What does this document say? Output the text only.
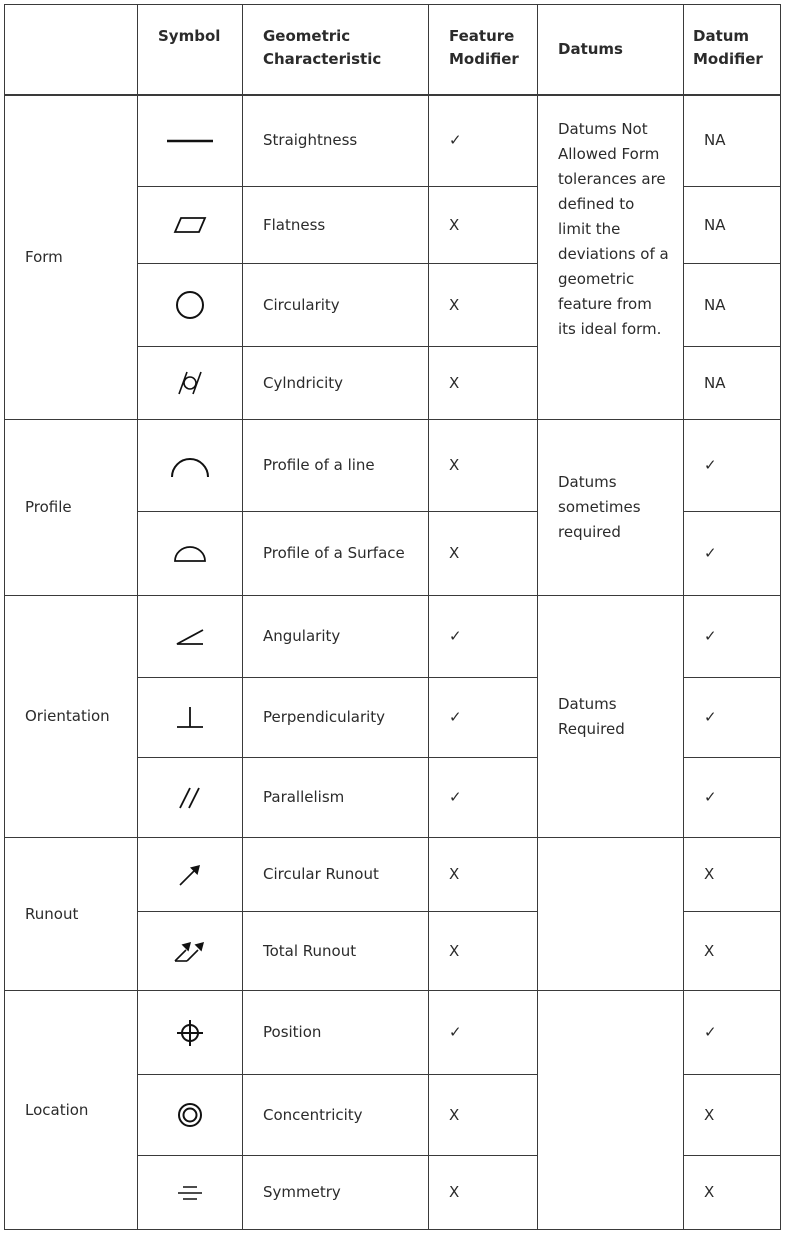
	Symbol	Geometric Characteristic	Feature Modifier	Datums	Datum Modifier
Form		Straightness	✓	Datums Not Allowed Form tolerances are defined to limit the deviations of a geometric feature from its ideal form.	NA

	Flatness	X		NA

	Circularity	X		NA

	Cylndricity	X		NA
Profile		Profile of a line	X	Datums sometimes required	✓

	Profile of a Surface	X		✓
Orientation		Angularity	✓	Datums Required	✓

	Perpendicularity	✓		✓

	Parallelism	✓		✓
Runout		Circular Runout	X		X

	Total Runout	X		X
Location		Position	✓		✓

	Concentricity	X		X

	Symmetry	X		X
